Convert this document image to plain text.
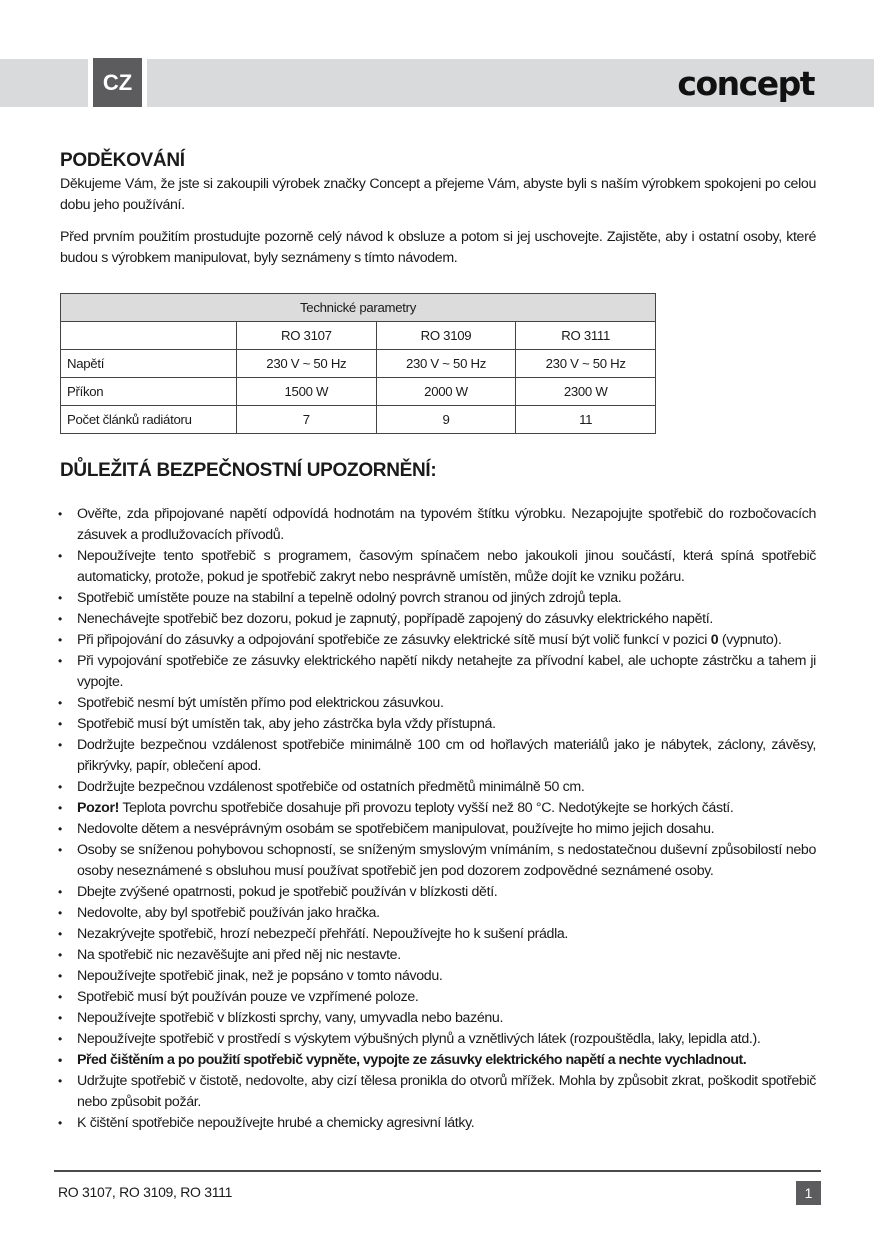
CZ	concept
PODĚKOVÁNÍ

Děkujeme Vám, že jste si zakoupili výrobek značky Concept a přejeme Vám, abyste byli s naším výrobkem spokojeni po celou dobu jeho používání.

Před prvním použitím prostudujte pozorně celý návod k obsluze a potom si jej uschovejte. Zajistěte, aby i ostatní osoby, které budou s výrobkem manipulovat, byly seznámeny s tímto návodem.

Technické parametry			
	RO 3107	RO 3109	RO 3111
Napětí	230 V ~ 50 Hz	230 V ~ 50 Hz	230 V ~ 50 Hz
Příkon	1500 W	2000 W	2300 W
Počet článků radiátoru	7	9	11
DŮLEŽITÁ BEZPEČNOSTNÍ UPOZORNĚNÍ:
• Ověřte, zda připojované napětí odpovídá hodnotám na typovém štítku výrobku. Nezapojujte spotřebič do rozbočovacích zásuvek a prodlužovacích přívodů.
• Nepoužívejte tento spotřebič s programem, časovým spínačem nebo jakoukoli jinou součástí, která spíná spotřebič automaticky, protože, pokud je spotřebič zakryt nebo nesprávně umístěn, může dojít ke vzniku požáru.
• Spotřebič umístěte pouze na stabilní a tepelně odolný povrch stranou od jiných zdrojů tepla.
• Nenechávejte spotřebič bez dozoru, pokud je zapnutý, popřípadě zapojený do zásuvky elektrického napětí.
• Při připojování do zásuvky a odpojování spotřebiče ze zásuvky elektrické sítě musí být volič funkcí v pozici 0 (vypnuto).
• Při vypojování spotřebiče ze zásuvky elektrického napětí nikdy netahejte za přívodní kabel, ale uchopte zástrčku a tahem ji vypojte.
• Spotřebič nesmí být umístěn přímo pod elektrickou zásuvkou.
• Spotřebič musí být umístěn tak, aby jeho zástrčka byla vždy přístupná.
• Dodržujte bezpečnou vzdálenost spotřebiče minimálně 100 cm od hořlavých materiálů jako je nábytek, záclony, závěsy, přikrývky, papír, oblečení apod.
• Dodržujte bezpečnou vzdálenost spotřebiče od ostatních předmětů minimálně 50 cm.
• Pozor! Teplota povrchu spotřebiče dosahuje při provozu teploty vyšší než 80 °C. Nedotýkejte se horkých částí.
• Nedovolte dětem a nesvéprávným osobám se spotřebičem manipulovat, používejte ho mimo jejich dosahu.
• Osoby se sníženou pohybovou schopností, se sníženým smyslovým vnímáním, s nedostatečnou duševní způsobilostí nebo osoby neseznámené s obsluhou musí používat spotřebič jen pod dozorem zodpovědné seznámené osoby.
• Dbejte zvýšené opatrnosti, pokud je spotřebič používán v blízkosti dětí.
• Nedovolte, aby byl spotřebič používán jako hračka.
• Nezakrývejte spotřebič, hrozí nebezpečí přehřátí. Nepoužívejte ho k sušení prádla.
• Na spotřebič nic nezavěšujte ani před něj nic nestavte.
• Nepoužívejte spotřebič jinak, než je popsáno v tomto návodu.
• Spotřebič musí být používán pouze ve vzpřímené poloze.
• Nepoužívejte spotřebič v blízkosti sprchy, vany, umyvadla nebo bazénu.
• Nepoužívejte spotřebič v prostředí s výskytem výbušných plynů a vznětlivých látek (rozpouštědla, laky, lepidla atd.).
• Před čištěním a po použití spotřebič vypněte, vypojte ze zásuvky elektrického napětí a nechte vychladnout.
• Udržujte spotřebič v čistotě, nedovolte, aby cizí tělesa pronikla do otvorů mřížek. Mohla by způsobit zkrat, poškodit spotřebič nebo způsobit požár.
• K čištění spotřebiče nepoužívejte hrubé a chemicky agresivní látky.
RO 3107, RO 3109, RO 3111	1
